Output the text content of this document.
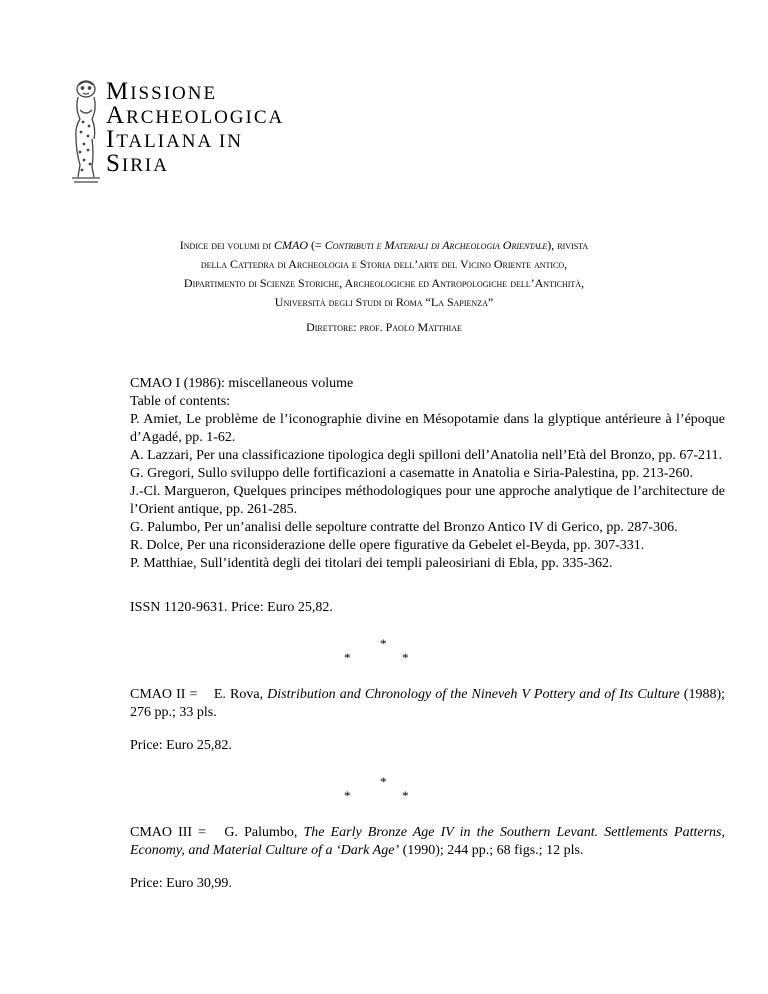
MISSIONE
ARCHEOLOGICA
ITALIANA IN
SIRIA
Indice dei volumi di CMAO (= Contributi e Materiali di Archeologia Orientale), rivista
della Cattedra di Archeologia e Storia dell’arte del Vicino Oriente antico,
Dipartimento di Scienze Storiche, Archeologiche ed Antropologiche dell’Antichità,
Università degli Studi di Roma “La Sapienza”
Direttore: prof. Paolo Matthiae

CMAO I (1986): miscellaneous volume

Table of contents:

P. Amiet, Le problème de l’iconographie divine en Mésopotamie dans la glyptique antérieure à l’époque d’Agadé, pp. 1-62.

A. Lazzari, Per una classificazione tipologica degli spilloni dell’Anatolia nell’Età del Bronzo, pp. 67-211.

G. Gregori, Sullo sviluppo delle fortificazioni a casematte in Anatolia e Siria-Palestina, pp. 213-260.

J.-Cl. Margueron, Quelques principes méthodologiques pour une approche analytique de l’architecture de l’Orient antique, pp. 261-285.

G. Palumbo, Per un’analisi delle sepolture contratte del Bronzo Antico IV di Gerico, pp. 287-306.

R. Dolce, Per una riconsiderazione delle opere figurative da Gebelet el-Beyda, pp. 307-331.

P. Matthiae, Sull’identità degli dei titolari dei templi paleosiriani di Ebla, pp. 335-362.

ISSN 1120-9631. Price: Euro 25,82.
*
*	*
CMAO II =    E. Rova, Distribution and Chronology of the Nineveh V Pottery and of Its Culture (1988); 276 pp.; 33 pls.
Price: Euro 25,82.
*
*	*
CMAO III =   G. Palumbo, The Early Bronze Age IV in the Southern Levant. Settlements Patterns, Economy, and Material Culture of a ‘Dark Age’ (1990); 244 pp.; 68 figs.; 12 pls.
Price: Euro 30,99.
